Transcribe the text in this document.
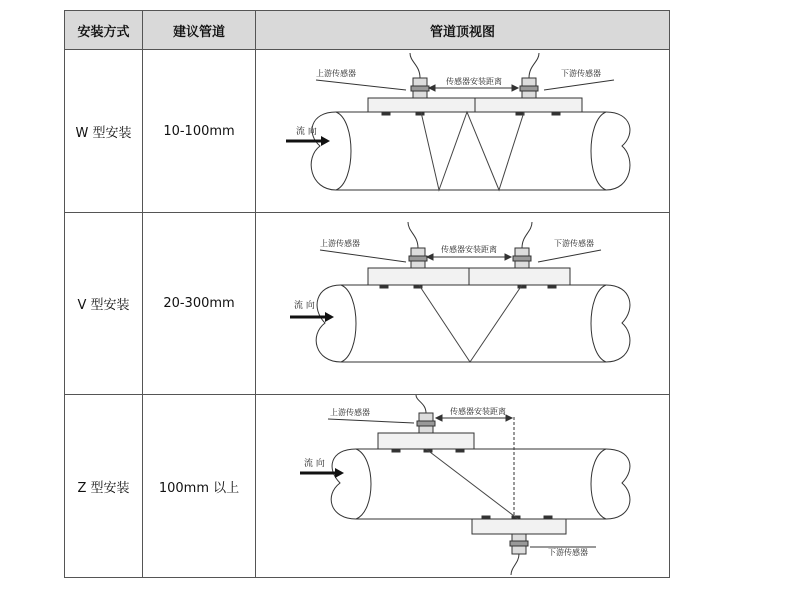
安装方式	建议管道	管道顶视图
W 型安装	10-100mm	上游传感器 下游传感器
传感器安装距离
流 向

V 型安装	20-300mm	上游传感器 下游传感器
传感器安装距离
流 向

Z 型安装	100mm 以上	上游传感器
下游传感器
传感器安装距离
流 向
